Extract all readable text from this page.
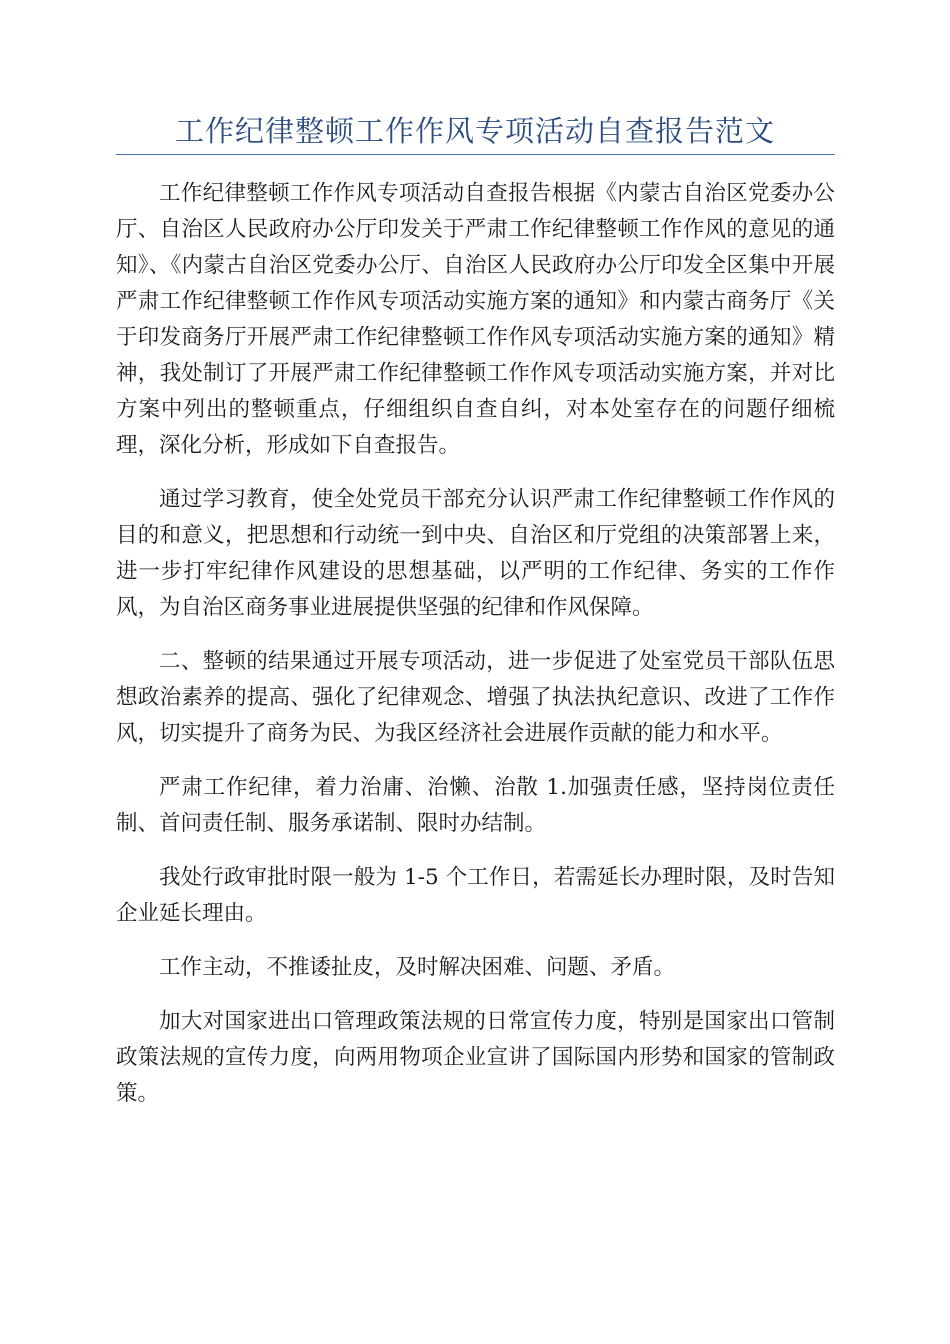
工作纪律整顿工作作风专项活动自查报告范文

工作纪律整顿工作作风专项活动自查报告根据《内蒙古自治区党委办公厅、自治区人民政府办公厅印发关于严肃工作纪律整顿工作作风的意见的通知》、《内蒙古自治区党委办公厅、自治区人民政府办公厅印发全区集中开展严肃工作纪律整顿工作作风专项活动实施方案的通知》和内蒙古商务厅《关于印发商务厅开展严肃工作纪律整顿工作作风专项活动实施方案的通知》精神，我处制订了开展严肃工作纪律整顿工作作风专项活动实施方案，并对比方案中列出的整顿重点，仔细组织自查自纠，对本处室存在的问题仔细梳理，深化分析，形成如下自查报告。

通过学习教育，使全处党员干部充分认识严肃工作纪律整顿工作作风的目的和意义，把思想和行动统一到中央、自治区和厅党组的决策部署上来，进一步打牢纪律作风建设的思想基础，以严明的工作纪律、务实的工作作风，为自治区商务事业进展提供坚强的纪律和作风保障。

二、整顿的结果通过开展专项活动，进一步促进了处室党员干部队伍思想政治素养的提高、强化了纪律观念、增强了执法执纪意识、改进了工作作风，切实提升了商务为民、为我区经济社会进展作贡献的能力和水平。

严肃工作纪律，着力治庸、治懒、治散 1.加强责任感，坚持岗位责任制、首问责任制、服务承诺制、限时办结制。

我处行政审批时限一般为 1-5 个工作日，若需延长办理时限，及时告知企业延长理由。

工作主动，不推诿扯皮，及时解决困难、问题、矛盾。

加大对国家进出口管理政策法规的日常宣传力度，特别是国家出口管制政策法规的宣传力度，向两用物项企业宣讲了国际国内形势和国家的管制政策。
